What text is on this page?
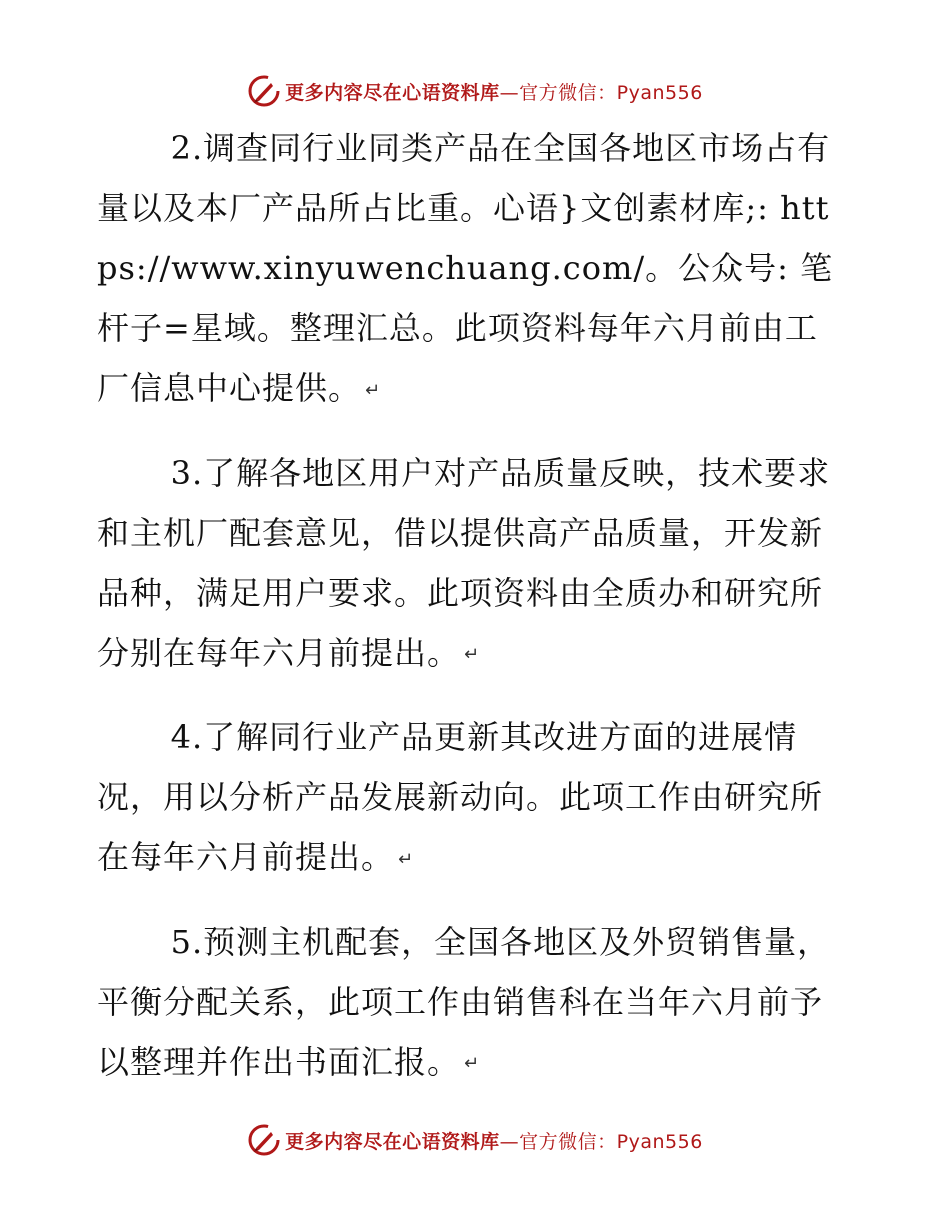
更多内容尽在心语资料库 —官方微信：Pyan556

2.调查同行业同类产品在全国各地区市场占有量以及本厂产品所占比重。心语}文创素材库;: https://www.xinyuwenchuang.com/。公众号: 笔杆子=星域。整理汇总。此项资料每年六月前由工厂信息中心提供。 ↵

3.了解各地区用户对产品质量反映，技术要求和主机厂配套意见，借以提供高产品质量，开发新品种，满足用户要求。此项资料由全质办和研究所分别在每年六月前提出。 ↵

4.了解同行业产品更新其改进方面的进展情况，用以分析产品发展新动向。此项工作由研究所在每年六月前提出。 ↵

5.预测主机配套，全国各地区及外贸销售量，平衡分配关系，此项工作由销售科在当年六月前予以整理并作出书面汇报。 ↵

更多内容尽在心语资料库 —官方微信：Pyan556
